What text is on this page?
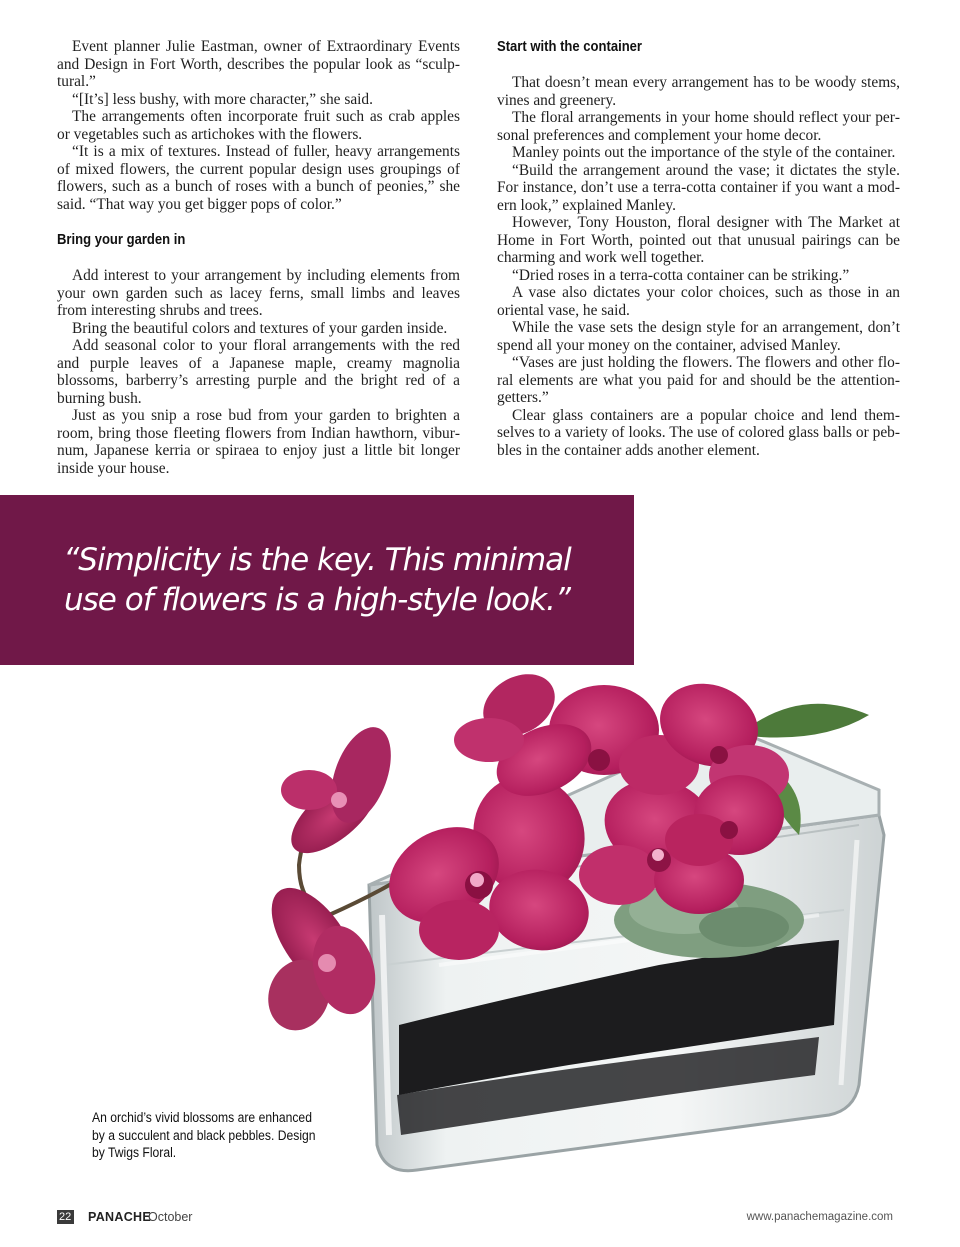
Event planner Julie Eastman, owner of Extraordinary Events and Design in Fort Worth, describes the popular look as “sculptural.”

“[It’s] less bushy, with more character,” she said.

The arrangements often incorporate fruit such as crab apples or vegetables such as artichokes with the flowers.

“It is a mix of textures. Instead of fuller, heavy arrangements of mixed flowers, the current popular design uses groupings of flowers, such as a bunch of roses with a bunch of peonies,” she said. “That way you get bigger pops of color.”

Bring your garden in

Add interest to your arrangement by including elements from your own garden such as lacey ferns, small limbs and leaves from interesting shrubs and trees.

Bring the beautiful colors and textures of your garden inside.

Add seasonal color to your floral arrangements with the red and purple leaves of a Japanese maple, creamy magnolia blossoms, barberry’s arresting purple and the bright red of a burning bush.

Just as you snip a rose bud from your garden to brighten a room, bring those fleeting flowers from Indian hawthorn, viburnum, Japanese kerria or spiraea to enjoy just a little bit longer inside your house.

Start with the container

That doesn’t mean every arrangement has to be woody stems, vines and greenery.

The floral arrangements in your home should reflect your personal preferences and complement your home decor.

Manley points out the importance of the style of the container.

“Build the arrangement around the vase; it dictates the style. For instance, don’t use a terra-cotta container if you want a modern look,” explained Manley.

However, Tony Houston, floral designer with The Market at Home in Fort Worth, pointed out that unusual pairings can be charming and work well together.

“Dried roses in a terra-cotta container can be striking.”

A vase also dictates your color choices, such as those in an oriental vase, he said.

While the vase sets the design style for an arrangement, don’t spend all your money on the container, advised Manley.

“Vases are just holding the flowers. The flowers and other floral elements are what you paid for and should be the attention-getters.”

Clear glass containers are a popular choice and lend themselves to a variety of looks. The use of colored glass balls or pebbles in the container adds another element.

“Simplicity is the key. This minimal use of flowers is a high-style look.”

An orchid’s vivid blossoms are enhanced by a succulent and black pebbles. Design by Twigs Floral.

22 PANACHE
October	www.panachemagazine.com
